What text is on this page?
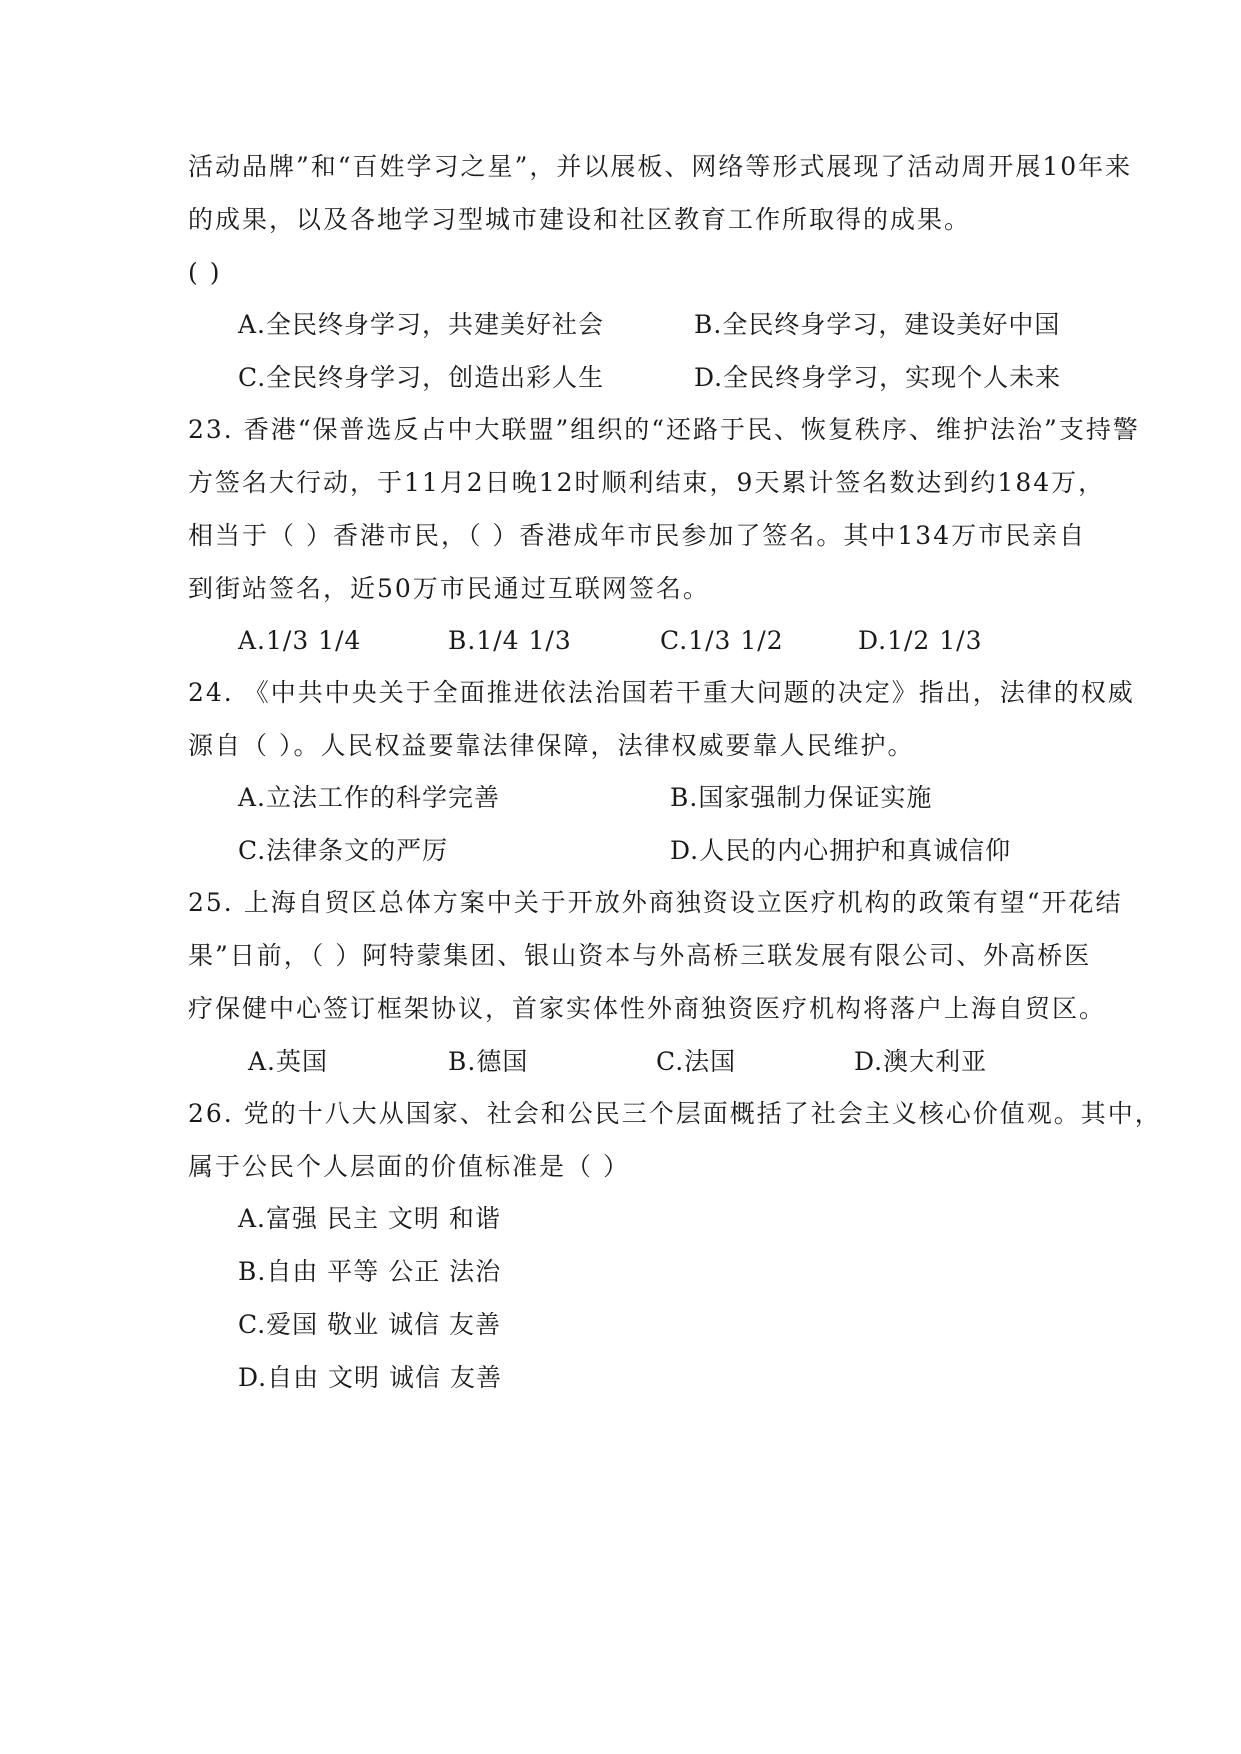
活动品牌”和“百姓学习之星”，并以展板、网络等形式展现了活动周开展10年来
的成果，以及各地学习型城市建设和社区教育工作所取得的成果。
( )
A.全民终身学习，共建美好社会	B.全民终身学习，建设美好中国
C.全民终身学习，创造出彩人生	D.全民终身学习，实现个人未来
23. 香港“保普选反占中大联盟”组织的“还路于民、恢复秩序、维护法治”支持警
方签名大行动，于11月2日晚12时顺利结束，9天累计签名数达到约184万，
相当于（ ）香港市民，（ ）香港成年市民参加了签名。其中134万市民亲自
到街站签名，近50万市民通过互联网签名。
A.1/3 1/4	B.1/4 1/3	C.1/3 1/2	D.1/2 1/3
24. 《中共中央关于全面推进依法治国若干重大问题的决定》指出，法律的权威
源自（ ）。人民权益要靠法律保障，法律权威要靠人民维护。
A.立法工作的科学完善	B.国家强制力保证实施
C.法律条文的严厉	D.人民的内心拥护和真诚信仰
25. 上海自贸区总体方案中关于开放外商独资设立医疗机构的政策有望“开花结
果”日前，（ ）阿特蒙集团、银山资本与外高桥三联发展有限公司、外高桥医
疗保健中心签订框架协议，首家实体性外商独资医疗机构将落户上海自贸区。
A.英国	B.德国	C.法国	D.澳大利亚
26. 党的十八大从国家、社会和公民三个层面概括了社会主义核心价值观。其中，
属于公民个人层面的价值标准是（ ）
A.富强 民主 文明 和谐
B.自由 平等 公正 法治
C.爱国 敬业 诚信 友善
D.自由 文明 诚信 友善
